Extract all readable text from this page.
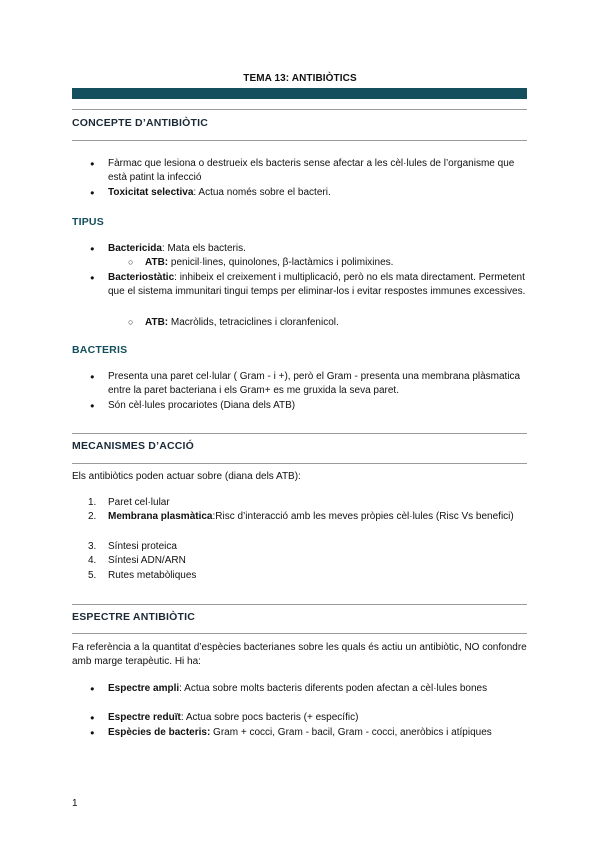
TEMA 13: ANTIBIÒTICS
CONCEPTE D’ANTIBIÒTIC
● Fàrmac que lesiona o destrueix els bacteris sense afectar a les cèl·lules de l’organisme que està patint la infecció
● Toxicitat selectiva: Actua només sobre el bacteri.
TIPUS
● Bactericida: Mata els bacteris.
○ ATB: penicil·lines, quinolones, β-lactàmics i polimixines.
● Bacteriostàtic: inhibeix el creixement i multiplicació, però no els mata directament. Permetent que el sistema immunitari tingui temps per eliminar-los i evitar respostes immunes excessives.
○ ATB: Macròlids, tetraciclines i cloranfenicol.
BACTERIS
● Presenta una paret cel·lular ( Gram - i +), però el Gram - presenta una membrana plàsmatica entre la paret bacteriana i els Gram+ es me gruxida la seva paret.
● Són cèl·lules procariotes (Diana dels ATB)
MECANISMES D’ACCIÓ
Els antibiòtics poden actuar sobre (diana dels ATB):
1.	Paret cel·lular
2.	Membrana plasmàtica:Risc d’interacció amb les meves pròpies cèl·lules (Risc Vs benefici)
3.	Síntesi proteica
4.	Síntesi ADN/ARN
5.	Rutes metabòliques
ESPECTRE ANTIBIÒTIC
Fa referència a la quantitat d’espècies bacterianes sobre les quals és actiu un antibiòtic, NO confondre amb marge terapèutic. Hi ha:
● Espectre ampli: Actua sobre molts bacteris diferents poden afectan a cèl·lules bones
● Espectre reduït: Actua sobre pocs bacteris (+ específic)
● Espècies de bacteris: Gram + cocci, Gram - bacil, Gram - cocci, aneròbics i atípiques
1
